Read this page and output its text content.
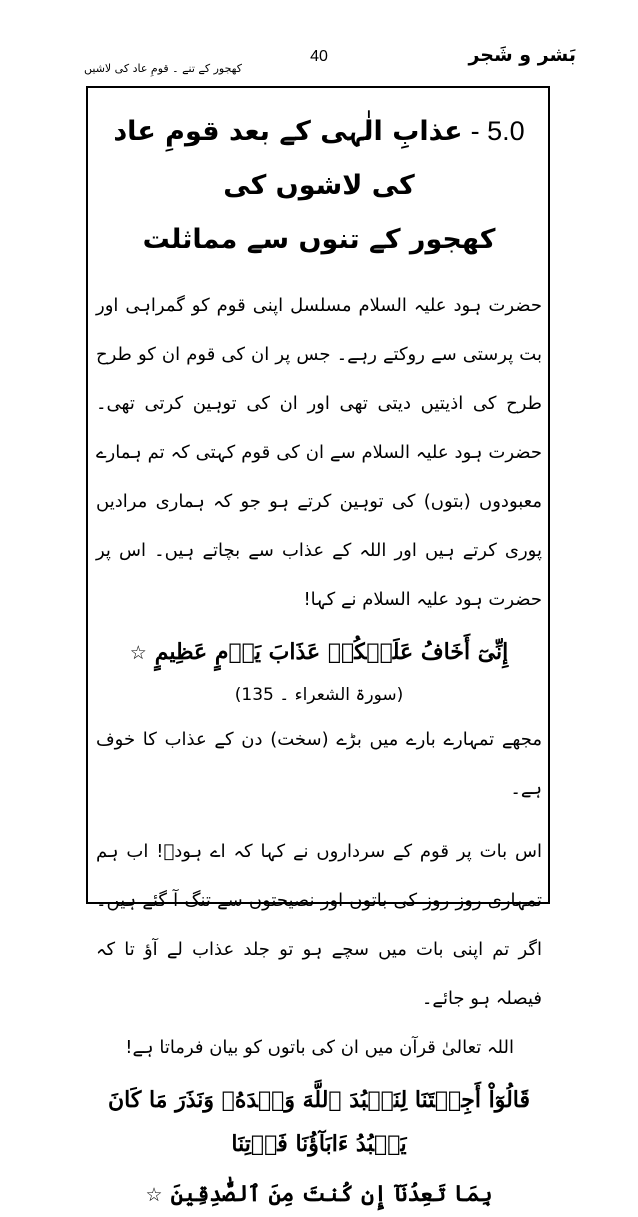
بَشر و شَجر
40
کھجور کے تنے ۔ قومِ عاد کی لاشیں

5.0 -عذابِ الٰہی کے بعد قومِ عاد کی لاشوں کی

کھجور کے تنوں سے مماثلت

حضرت ہود علیہ السلام مسلسل اپنی قوم کو گمراہی اور بت پرستی سے روکتے رہے۔ جس پر ان کی قوم ان کو طرح طرح کی اذیتیں دیتی تھی اور ان کی توہین کرتی تھی۔ حضرت ہود علیہ السلام سے ان کی قوم کہتی کہ تم ہمارے معبودوں (بتوں) کی توہین کرتے ہو جو کہ ہماری مرادیں پوری کرتے ہیں اور اللہ کے عذاب سے بچاتے ہیں۔ اس پر حضرت ہود علیہ السلام نے کہا!

إِنِّیٓ أَخَافُ عَلَیۡکُمۡ عَذَابَ یَوۡمٍ عَظِیمٍ☆

(سورۃ الشعراء ۔ 135)

مجھے تمہارے بارے میں بڑے (سخت) دن کے عذاب کا خوف ہے۔

اس بات پر قوم کے سرداروں نے کہا کہ اے ہودؑ! اب ہم تمہاری روز روز کی باتوں اور نصیحتوں سے تنگ آ گئے ہیں۔ اگر تم اپنی بات میں سچے ہو تو جلد عذاب لے آؤ تا کہ فیصلہ ہو جائے۔

اللہ تعالیٰ قرآن میں ان کی باتوں کو بیان فرماتا ہے!

قَالُوٓاْ أَجِئۡتَنَا لِنَعۡبُدَ ٱللَّهَ وَحۡدَهُۥ وَنَذَرَ مَا كَانَ يَعۡبُدُ ءَابَآؤُنَا فَأۡتِنَا

بِمَا تَعِدُنَآ إِن كُنتَ مِنَ ٱلصَّٰدِقِينَ☆
